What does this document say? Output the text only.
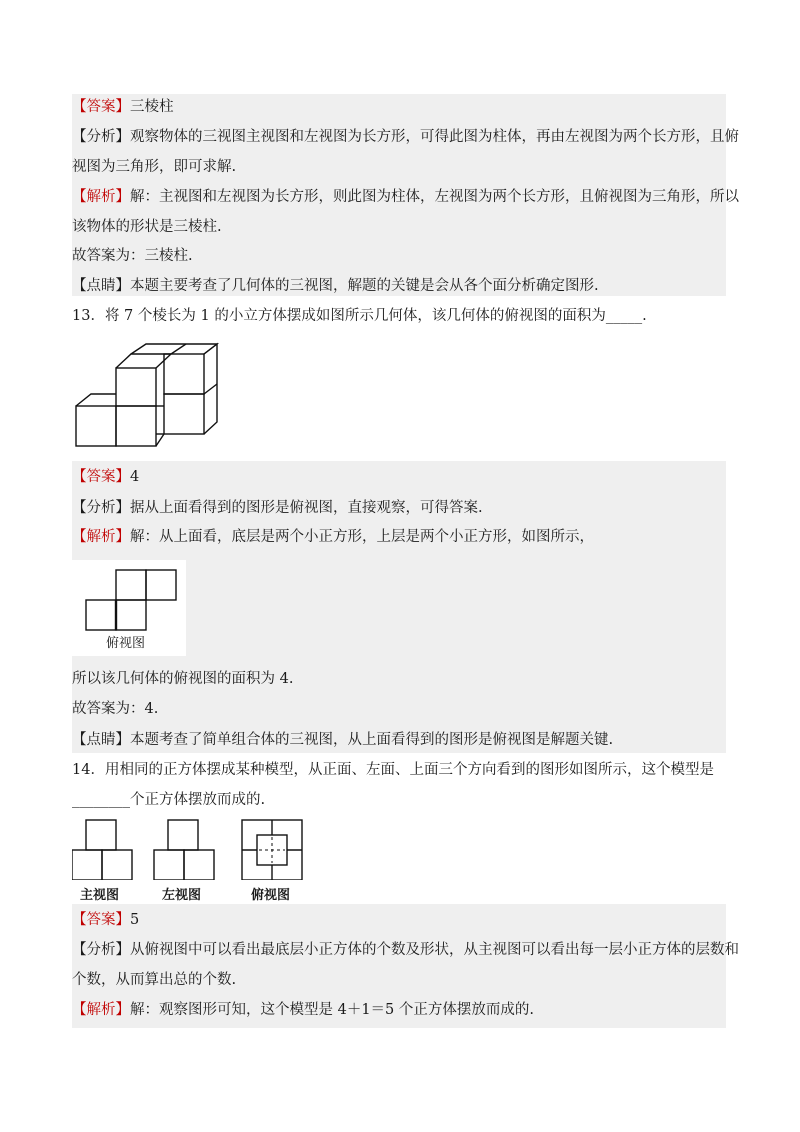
【答案】三棱柱
【分析】观察物体的三视图主视图和左视图为长方形，可得此图为柱体，再由左视图为两个长方形，且俯
视图为三角形，即可求解.
【解析】解：主视图和左视图为长方形，则此图为柱体，左视图为两个长方形，且俯视图为三角形，所以
该物体的形状是三棱柱.
故答案为：三棱柱.
【点睛】本题主要考查了几何体的三视图，解题的关键是会从各个面分析确定图形.
13．将 7 个棱长为 1 的小立方体摆成如图所示几何体，该几何体的俯视图的面积为_____.
【答案】4
【分析】据从上面看得到的图形是俯视图，直接观察，可得答案.
【解析】解：从上面看，底层是两个小正方形，上层是两个小正方形，如图所示，
俯视图
所以该几何体的俯视图的面积为 4.
故答案为：4.
【点睛】本题考查了简单组合体的三视图，从上面看得到的图形是俯视图是解题关键.
14．用相同的正方体摆成某种模型，从正面、左面、上面三个方向看到的图形如图所示，这个模型是
________个正方体摆放而成的.
主视图	左视图	俯视图
【答案】5
【分析】从俯视图中可以看出最底层小正方体的个数及形状，从主视图可以看出每一层小正方体的层数和
个数，从而算出总的个数.
【解析】解：观察图形可知，这个模型是 4＋1＝5 个正方体摆放而成的.
